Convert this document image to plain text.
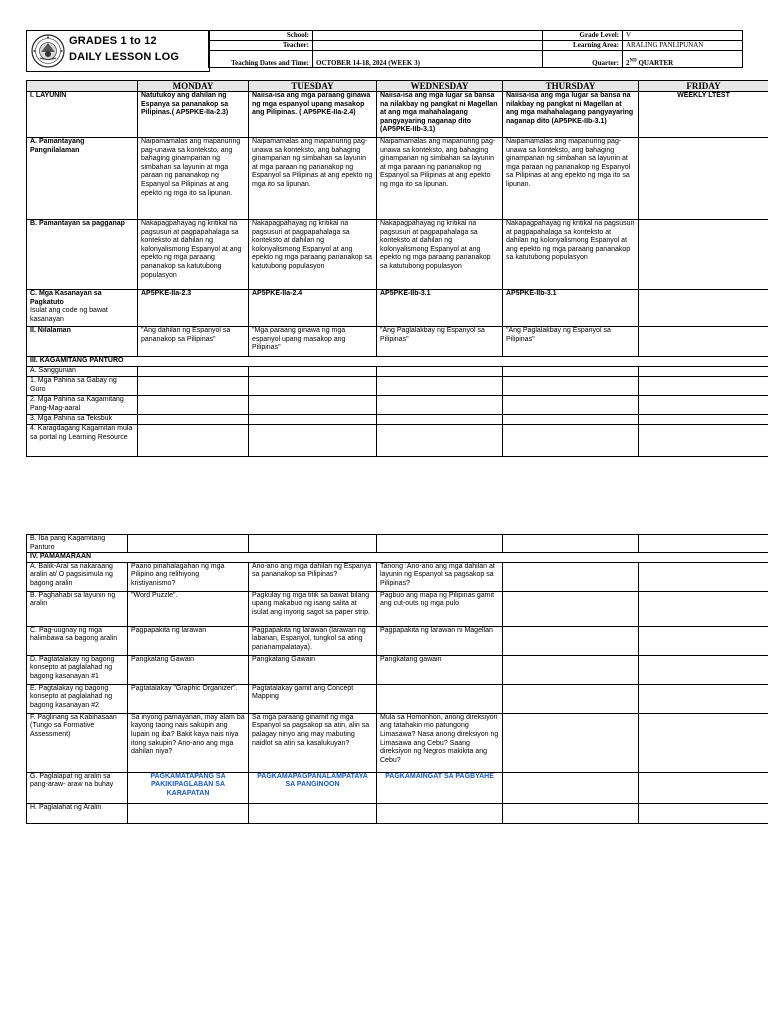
GRADES 1 to 12
DAILY LESSON LOG
School:		Grade Level:	V
Teacher:		Learning Area:	ARALING PANLIPUNAN
Teaching Dates and Time:	OCTOBER 14-18, 2024 (WEEK 3)	Quarter:	2ND QUARTER
	MONDAY	TUESDAY	WEDNESDAY	THURSDAY	FRIDAY
I. LAYUNIN	Natutukoy ang dahilan ng Espanya sa pananakop sa Pilipinas.( AP5PKE-IIa-2.3)	Naiisa-isa ang mga paraang ginawa ng mga espanyol upang masakop ang Pilipinas. ( AP5PKE-IIa-2.4)	Naiisa-isa ang mga lugar sa bansa na nilakbay ng pangkat ni Magellan at ang mga mahahalagang pangyayaring naganap dito (AP5PKE-IIb-3.1)	Naiisa-isa ang mga lugar sa bansa na nilakbay ng pangkat ni Magellan at ang mga mahahalagang pangyayaring naganap dito (AP5PKE-IIb-3.1)	WEEKLY LTEST
A. Pamantayang Pangnilalaman	Naipamamalas ang mapanuring pag-unawa sa konteksto, ang bahaging ginampanan ng simbahan sa layunin at mga paraan ng pananakop ng Espanyol sa Pilipinas at ang epekto ng mga ito sa lipunan.	Naipamamalas ang mapanuring pag-unawa sa konteksto, ang bahaging ginampanan ng simbahan sa layunin at mga paraan ng pananakop ng Espanyol sa Pilipinas at ang epekto ng mga ito sa lipunan.	Naipamamalas ang mapanuring pag-unawa sa konteksto, ang bahaging ginampanan ng simbahan sa layunin at mga paraan ng pananakop ng Espanyol sa Pilipinas at ang epekto ng mga ito sa lipunan.	Naipamamalas ang mapanuring pag-unawa sa konteksto, ang bahaging ginampanan ng simbahan sa layunin at mga paraan ng pananakop ng Espanyol sa Pilipinas at ang epekto ng mga ito sa lipunan.	
B. Pamantayan sa pagganap	Nakapagpahayag ng kritikal na pagsusuri at pagpapahalaga sa konteksto at dahilan ng kolonyalismong Espanyol at ang epekto ng mga paraang pananakop sa katutubong populasyon	Nakapagpahayag ng kritikal na pagsusuri at pagpapahalaga sa konteksto at dahilan ng kolonyalismong Espanyol at ang epekto ng mga paraang pananakop sa katutubong populasyon	Nakapagpahayag ng kritikal na pagsusuri at pagpapahalaga sa konteksto at dahilan ng kolonyalismong Espanyol at ang epekto ng mga paraang pananakop sa katutubong populasyon	Nakapagpahayag ng kritikal na pagsusuri at pagpapahalaga sa konteksto at dahilan ng kolonyalismong Espanyol at ang epekto ng mga paraang pananakop sa katutubong populasyon	
C. Mga Kasanayan sa Pagkatuto
Isulat ang code ng bawat kasanayan	AP5PKE-IIa-2.3	AP5PKE-IIa-2.4	AP5PKE-IIb-3.1	AP5PKE-IIb-3.1	
II. Nilalaman	"Ang dahilan ng Espanyol sa pananakop sa Pilipinas"	"Mga paraang ginawa ng mga espanyol upang masakop ang Pilipinas"	"Ang Paglalakbay ng Espanyol sa Pilipinas"	"Ang Paglalakbay ng Espanyol sa Pilipinas"	
III. KAGAMITANG PANTURO					
A. Sanggunian					
1. Mga Pahina sa Gabay ng Guro					
2. Mga Pahina sa Kagamitang Pang-Mag-aaral					
3. Mga Pahina sa Teksbuk					
4. Karagdagang Kagamitan mula sa portal ng Learning Resource					
B. Iba pang Kagamitang Panturo					
IV. PAMAMARAAN					
A. Balik-Aral sa nakaraang aralin at/ O pagsisimula ng bagong aralin	Paano pinahalagahan ng mga Pilipino ang relihiyong kristiyanismo?	Ano-ano ang mga dahilan ng Espanya sa pananakop sa Pilipinas?	Tanong :Ano-ano ang mga dahilan at layunin ng Espanyol sa pagsakop sa Pilipinas?		
B. Paghahabi sa layunin ng aralin	"Word Puzzle".	Pagkulay ng mga titik sa bawat bilang upang makabuo ng isang salita at isulat ang inyong sagot sa paper strip.	Pagbuo ang mapa ng Pilipinas gamit ang cut-outs ng mga pulo		
C. Pag-uugnay ng mga halimbawa sa bagong aralin	Pagpapakita ng larawan	Pagpapakita ng larawan (larawan ng labanan, Espanyol, tungkol sa ating pananampalataya).	Pagpapakita ng larawan ni Magellan		
D. Pagtatalakay ng bagong konsepto at paglalahad ng bagong kasanayan #1	Pangkatang Gawain	Pangkatang Gawain	Pangkatang gawain		
E. Pagtalakay ng bagong konsepto at paglalahad ng bagong kasanayan #2	Pagtatalakay "Graphic Organizer".	Pagtatalakay gamit ang Concept Mapping			
F. Paglinang sa Kabihasaan (Tungo sa Formative Assessment)	Sa inyong pamayanan, may alam ba kayong taong nais sakupin ang lupain ng iba? Bakit kaya nais niya itong sakupin? Ano-ano ang mga dahilan niya?	Sa mga paraang ginamit ng mga Espanyol sa pagsakop sa atin, alin sa palagay ninyo ang may mabuting naidlot sa atin sa kasalukuyan?	Mula sa Homonhon, anong direksiyon ang tatahakin mo patungong Limasawa? Nasa anong direksiyon ng Limasawa ang Cebu? Saang direksiyon ng Negros makikita ang Cebu?		
G. Paglalapat ng aralin sa pang-araw- araw na buhay	PAGKAMATAPANG SA PAKIKIPAGLABAN SA KARAPATAN	PAGKAMAPAGPANALAMPATAYA SA PANGINOON	PAGKAMAINGAT SA PAGBYAHE		
H. Paglalahat ng Aralin					
